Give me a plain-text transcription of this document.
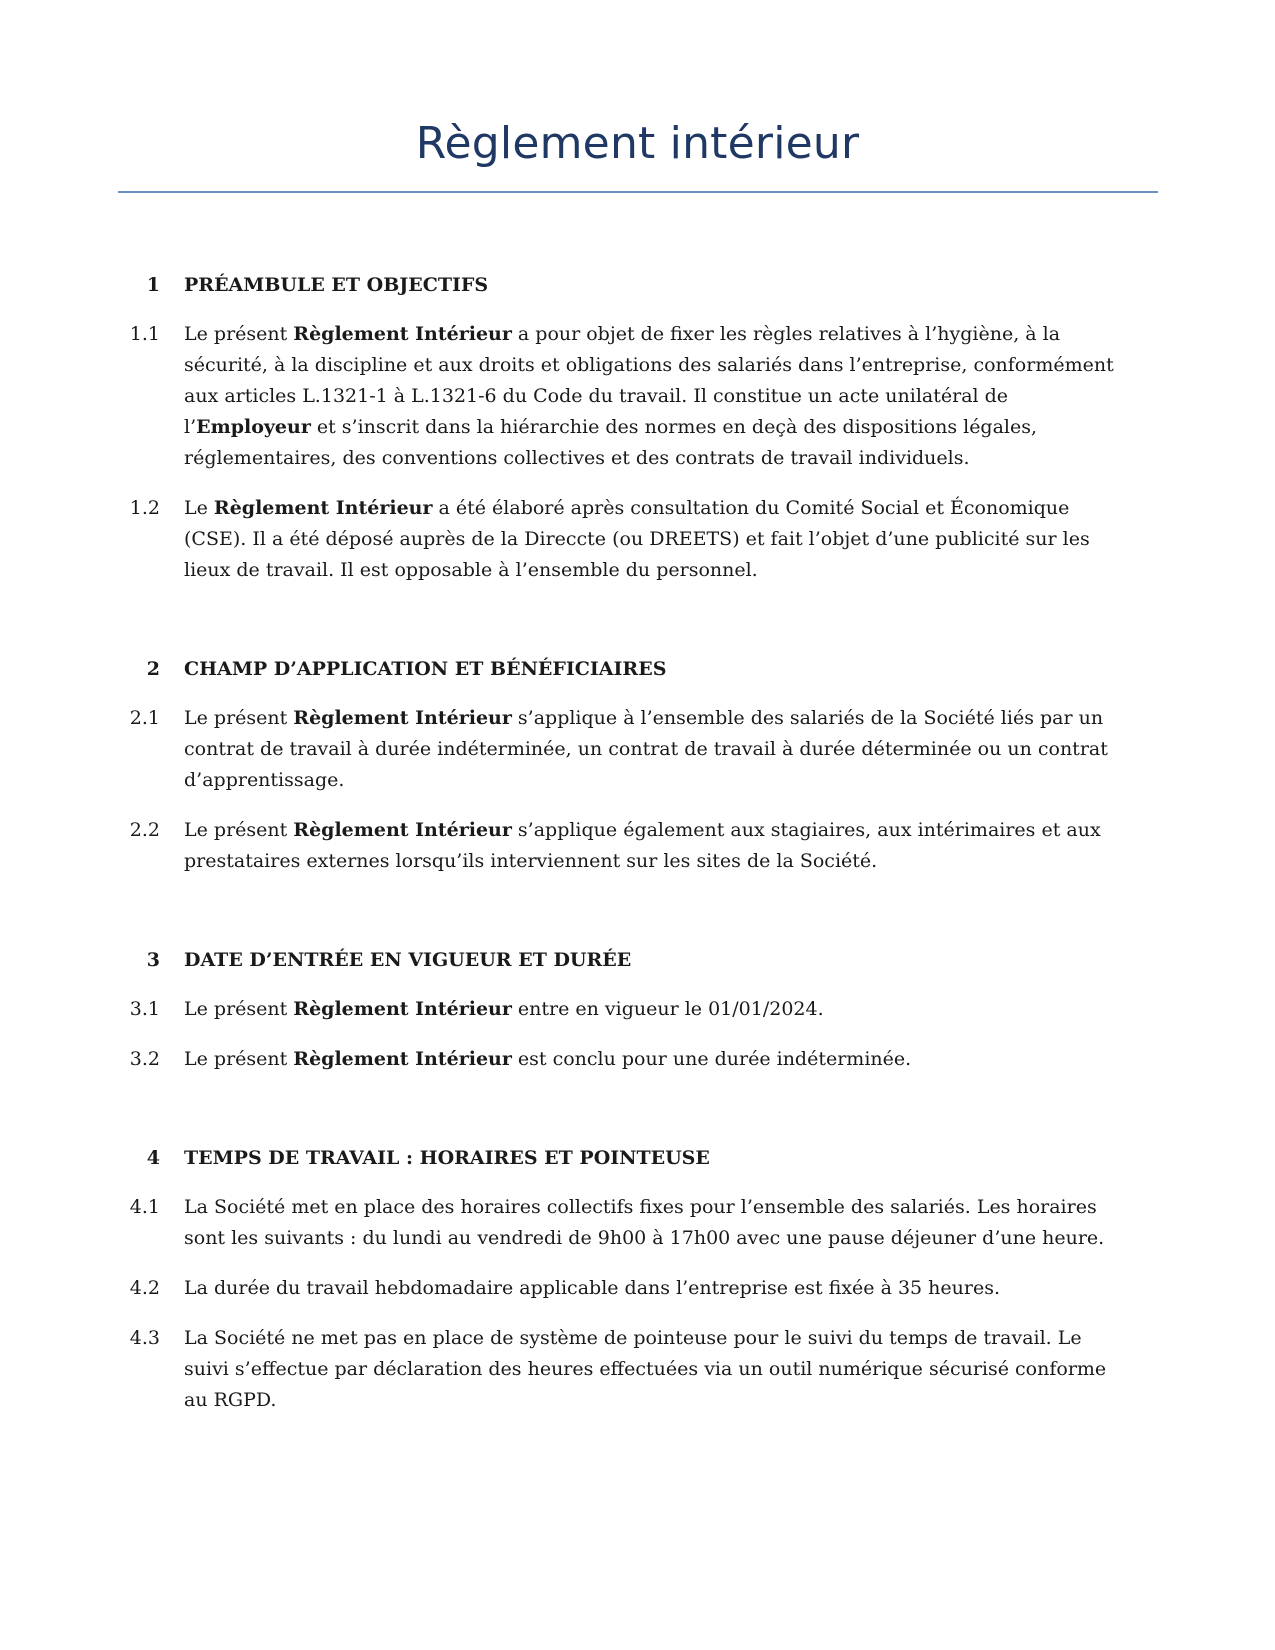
Règlement intérieur
1	PRÉAMBULE ET OBJECTIFS
1.1	Le présent Règlement Intérieur a pour objet de fixer les règles relatives à l’hygiène, à la sécurité, à la discipline et aux droits et obligations des salariés dans l’entreprise, conformément aux articles L.1321-1 à L.1321-6 du Code du travail. Il constitue un acte unilatéral de l’Employeur et s’inscrit dans la hiérarchie des normes en deçà des dispositions légales, réglementaires, des conventions collectives et des contrats de travail individuels.
1.2	Le Règlement Intérieur a été élaboré après consultation du Comité Social et Économique (CSE). Il a été déposé auprès de la Direccte (ou DREETS) et fait l’objet d’une publicité sur les lieux de travail. Il est opposable à l’ensemble du personnel.
2	CHAMP D’APPLICATION ET BÉNÉFICIAIRES
2.1	Le présent Règlement Intérieur s’applique à l’ensemble des salariés de la Société liés par un contrat de travail à durée indéterminée, un contrat de travail à durée déterminée ou un contrat d’apprentissage.
2.2	Le présent Règlement Intérieur s’applique également aux stagiaires, aux intérimaires et aux prestataires externes lorsqu’ils interviennent sur les sites de la Société.
3	DATE D’ENTRÉE EN VIGUEUR ET DURÉE
3.1	Le présent Règlement Intérieur entre en vigueur le 01/01/2024.
3.2	Le présent Règlement Intérieur est conclu pour une durée indéterminée.
4	TEMPS DE TRAVAIL : HORAIRES ET POINTEUSE
4.1	La Société met en place des horaires collectifs fixes pour l’ensemble des salariés. Les horaires sont les suivants : du lundi au vendredi de 9h00 à 17h00 avec une pause déjeuner d’une heure.
4.2	La durée du travail hebdomadaire applicable dans l’entreprise est fixée à 35 heures.
4.3	La Société ne met pas en place de système de pointeuse pour le suivi du temps de travail. Le suivi s’effectue par déclaration des heures effectuées via un outil numérique sécurisé conforme au RGPD.
